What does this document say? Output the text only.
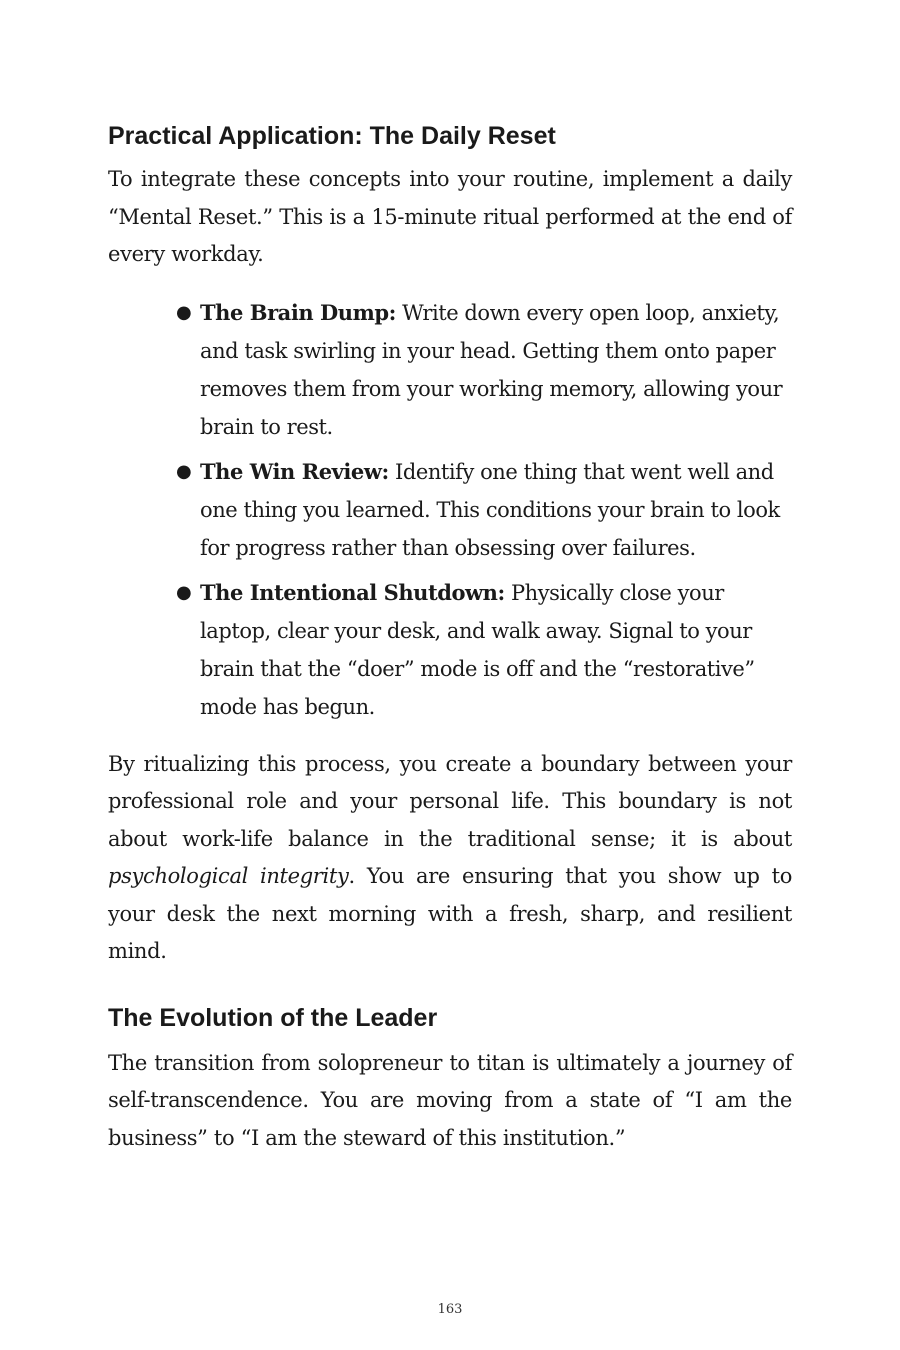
Practical Application: The Daily Reset

To integrate these concepts into your routine, implement a daily “Mental Reset.” This is a 15-minute ritual performed at the end of every workday.

● The Brain Dump: Write down every open loop, anxiety, and task swirling in your head. Getting them onto paper removes them from your working memory, allowing your brain to rest.
● The Win Review: Identify one thing that went well and one thing you learned. This conditions your brain to look for progress rather than obsessing over failures.
● The Intentional Shutdown: Physically close your laptop, clear your desk, and walk away. Signal to your brain that the “doer” mode is off and the “restorative” mode has begun.

By ritualizing this process, you create a boundary between your professional role and your personal life. This boundary is not about work-life balance in the traditional sense; it is about psychological integrity. You are ensuring that you show up to your desk the next morning with a fresh, sharp, and resilient mind.

The Evolution of the Leader

The transition from solopreneur to titan is ultimately a journey of self-transcendence. You are moving from a state of “I am the business” to “I am the steward of this institution.”

163
